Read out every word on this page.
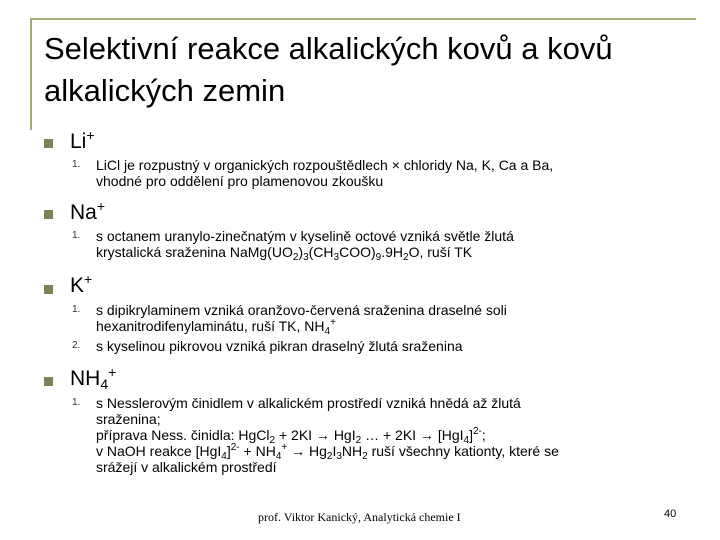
Selektivní reakce alkalických kovů a kovů alkalických zemin
Li+
1. LiCl je rozpustný v organických rozpouštědlech × chloridy Na, K, Ca a Ba,
vhodné pro oddělení pro plamenovou zkoušku
Na+
1. s octanem uranylo-zinečnatým v kyselině octové vzniká světle žlutá
krystalická sraženina $NaMg(UO_2)_3(CH_3COO)_9.9H_2O$, ruší TK
K+
1. s dipikrylaminem vzniká oranžovo-červená sraženina draselné soli
hexanitrodifenylaminátu, ruší TK, $NH_4^+$
2. s kyselinou pikrovou vzniká pikran draselný žlutá sraženina
$NH_4^+$
1. s Nesslerovým činidlem v alkalickém prostředí vzniká hnědá až žlutá
sraženina;
příprava Ness. činidla: HgCl$_2$ + 2KI → HgI$_2$ … + $2KI \to [HgI_4]^{2-}$;
v NaOH reakce $[HgI_4]^{2-} + NH_4^+ \to Hg_2I_3NH_2$ ruší všechny kationty, které se
srážejí v alkalickém prostředí
prof. Viktor Kanický, Analytická chemie I	40
